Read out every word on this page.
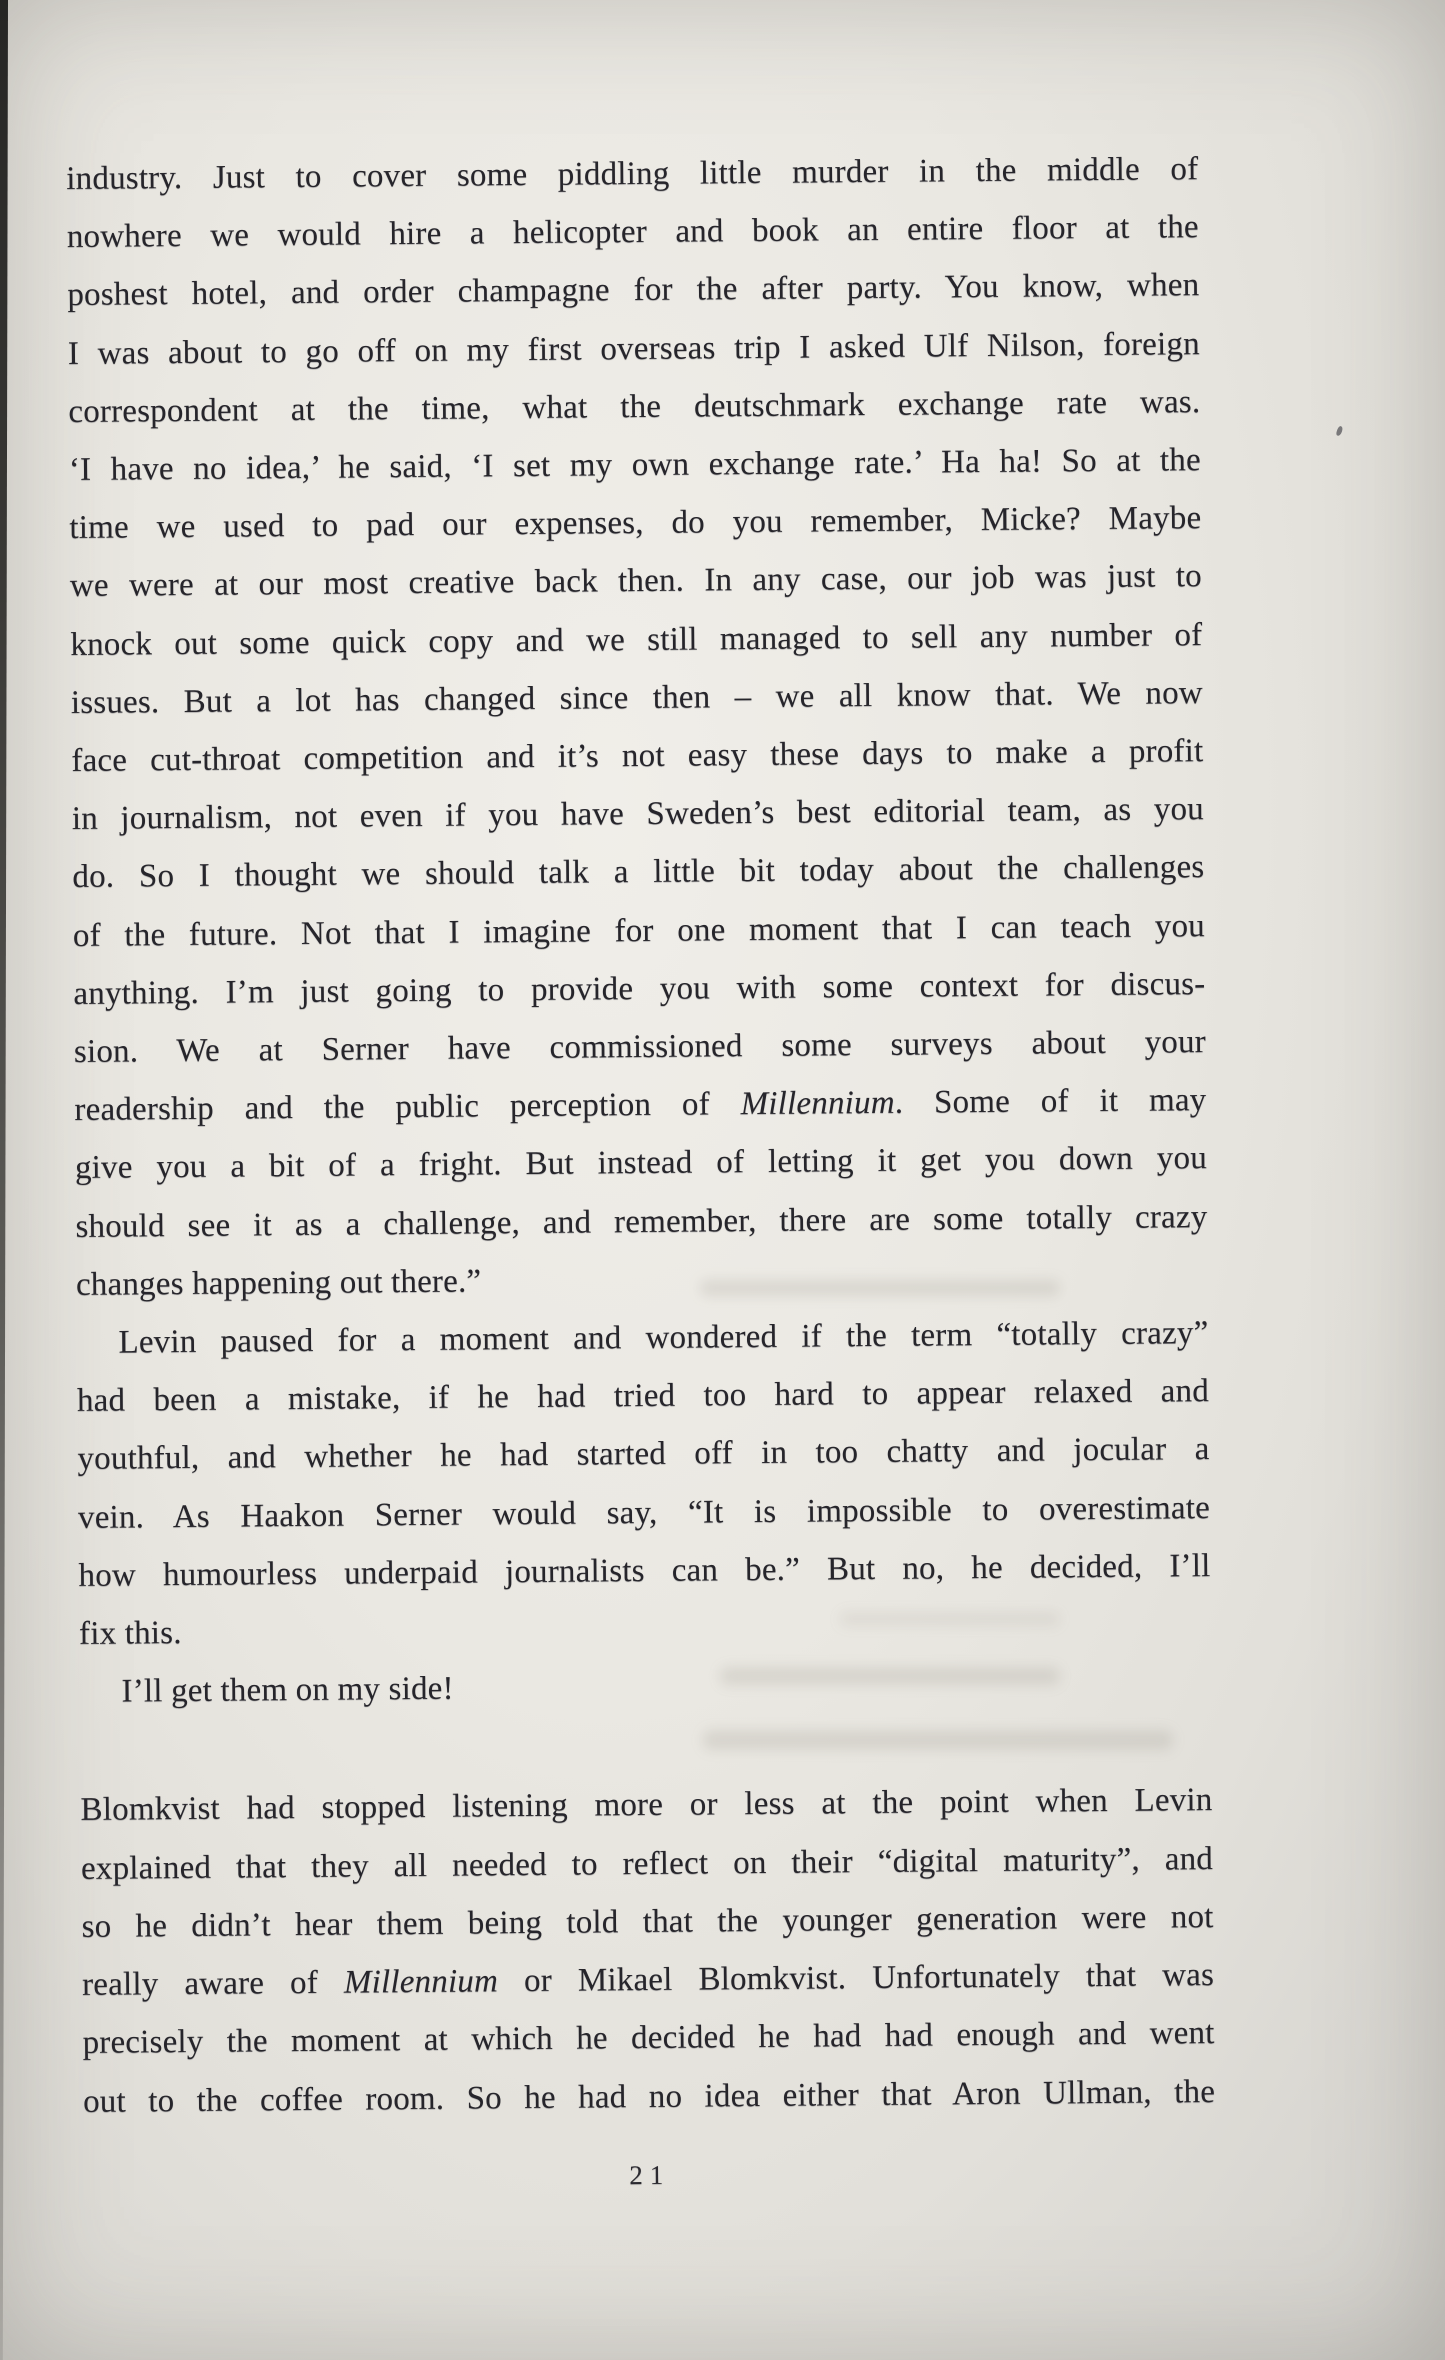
industry. Just to cover some piddling little murder in the middle of
nowhere we would hire a helicopter and book an entire floor at the
poshest hotel, and order champagne for the after party. You know, when
I was about to go off on my first overseas trip I asked Ulf Nilson, foreign
correspondent at the time, what the deutschmark exchange rate was.
‘I have no idea,’ he said, ‘I set my own exchange rate.’ Ha ha! So at the
time we used to pad our expenses, do you remember, Micke? Maybe
we were at our most creative back then. In any case, our job was just to
knock out some quick copy and we still managed to sell any number of
issues. But a lot has changed since then – we all know that. We now
face cut-throat competition and it’s not easy these days to make a profit
in journalism, not even if you have Sweden’s best editorial team, as you
do. So I thought we should talk a little bit today about the challenges
of the future. Not that I imagine for one moment that I can teach you
anything. I’m just going to provide you with some context for discus-
sion. We at Serner have commissioned some surveys about your
readership and the public perception of Millennium. Some of it may
give you a bit of a fright. But instead of letting it get you down you
should see it as a challenge, and remember, there are some totally crazy
changes happening out there.”
Levin paused for a moment and wondered if the term “totally crazy”
had been a mistake, if he had tried too hard to appear relaxed and
youthful, and whether he had started off in too chatty and jocular a
vein. As Haakon Serner would say, “It is impossible to overestimate
how humourless underpaid journalists can be.” But no, he decided, I’ll
fix this.
I’ll get them on my side!
Blomkvist had stopped listening more or less at the point when Levin
explained that they all needed to reflect on their “digital maturity”, and
so he didn’t hear them being told that the younger generation were not
really aware of Millennium or Mikael Blomkvist. Unfortunately that was
precisely the moment at which he decided he had had enough and went
out to the coffee room. So he had no idea either that Aron Ullman, the
21
